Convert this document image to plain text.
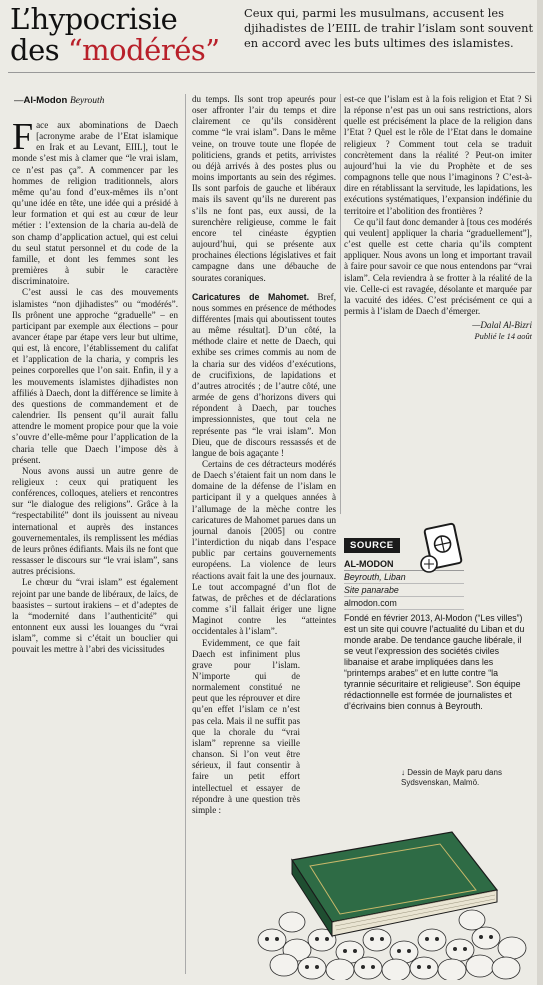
L’hypocrisie
des “modérés”
Ceux qui, parmi les musulmans, accusent les djihadistes de l’EIIL de trahir l’islam sont souvent en accord avec les buts ultimes des islamistes.
—Al-Modon Beyrouth

Face aux abominations de Daech [acronyme arabe de l’Etat islamique en Irak et au Levant, EIIL], tout le monde s’est mis à clamer que “le vrai islam, ce n’est pas ça”. A commencer par les hommes de religion traditionnels, alors même qu’au fond d’eux-mêmes ils n’ont qu’une idée en tête, une idée qui a présidé à leur formation et qui est au cœur de leur métier : l’extension de la charia au-delà de son champ d’application actuel, qui est celui du seul statut personnel et du code de la famille, et dont les femmes sont les premières à subir le caractère discriminatoire.

C’est aussi le cas des mouvements islamistes “non djihadistes” ou “modérés”. Ils prônent une approche “graduelle” – en participant par exemple aux élections – pour avancer étape par étape vers leur but ultime, qui est, là encore, l’établissement du califat et l’application de la charia, y compris les peines corporelles que l’on sait. Enfin, il y a les mouvements islamistes djihadistes non affiliés à Daech, dont la différence se limite à des questions de commandement et de calendrier. Ils pensent qu’il aurait fallu attendre le moment propice pour que la voie s’ouvre d’elle-même pour l’application de la charia telle que Daech l’impose dès à présent.

Nous avons aussi un autre genre de religieux : ceux qui pratiquent les conférences, colloques, ateliers et rencontres sur “le dialogue des religions”. Grâce à la “respectabilité” dont ils jouissent au niveau international et auprès des instances gouvernementales, ils remplissent les médias de leurs prônes édifiants. Mais ils ne font que ressasser le discours sur “le vrai islam”, sans autres précisions.

Le chœur du “vrai islam” est également rejoint par une bande de libéraux, de laïcs, de baasistes – surtout irakiens – et d’adeptes de la “modernité dans l’authenticité” qui entonnent eux aussi les louanges du “vrai islam”, comme si c’était un bouclier qui pouvait les mettre à l’abri des vicissitudes

du temps. Ils sont trop apeurés pour oser affronter l’air du temps et dire clairement ce qu’ils considèrent comme “le vrai islam”. Dans le même veine, on trouve toute une flopée de politiciens, grands et petits, arrivistes ou déjà arrivés à des postes plus ou moins importants au sein des régimes. Ils sont parfois de gauche et libéraux mais ils savent qu’ils ne durerent pas s’ils ne font pas, eux aussi, de la surenchère religieuse, comme le fait encore tel cinéaste égyptien aujourd’hui, qui se présente aux prochaines élections législatives et fait campagne dans une débauche de sourates coraniques.

Caricatures de Mahomet. Bref, nous sommes en présence de méthodes différentes [mais qui aboutissent toutes au même résultat]. D’un côté, la méthode claire et nette de Daech, qui exhibe ses crimes commis au nom de la charia sur des vidéos d’exécutions, de crucifixions, de lapidations et d’autres atrocités ; de l’autre côté, une armée de gens d’horizons divers qui répondent à Daech, par touches impressionnistes, que tout cela ne représente pas “le vrai islam”. Mon Dieu, que de discours ressassés et de langue de bois agaçante !

Certains de ces détracteurs modérés de Daech s’étaient fait un nom dans le domaine de la défense de l’islam en participant il y a quelques années à l’allumage de la mèche contre les caricatures de Mahomet parues dans un journal danois [2005] ou contre l’interdiction du niqab dans l’espace public par certains gouvernements européens. La violence de leurs réactions avait fait la une des journaux. Le tout accompagné d’un flot de fatwas, de prêches et de déclarations comme s’il fallait ériger une ligne Maginot contre les “atteintes occidentales à l’islam”.

Evidemment, ce que fait Daech est infiniment plus grave pour l’islam. N’importe qui de normalement constitué ne peut que les réprouver et dire qu’en effet l’islam ce n’est pas cela. Mais il ne suffit pas que la chorale du “vrai islam” reprenne sa vieille chanson. Si l’on veut être sérieux, il faut consentir à faire un petit effort intellectuel et essayer de répondre à une question très simple :

est-ce que l’islam est à la fois religion et Etat ? Si la réponse n’est pas un oui sans restrictions, alors quelle est précisément la place de la religion dans l’Etat ? Quel est le rôle de l’Etat dans le domaine religieux ? Comment tout cela se traduit concrètement dans la réalité ? Peut-on imiter aujourd’hui la vie du Prophète et de ses compagnons telle que nous l’imaginons ? C’est-à-dire en rétablissant la servitude, les lapidations, les exécutions systématiques, l’expansion indéfinie du territoire et l’abolition des frontières ?

Ce qu’il faut donc demander à [tous ces modérés qui veulent] appliquer la charia “graduellement”], c’est quelle est cette charia qu’ils comptent appliquer. Nous avons un long et important travail à faire pour savoir ce que nous entendons par “vrai islam”. Cela reviendra à se frotter à la réalité de la vie. Celle-ci est ravagée, désolante et marquée par la vacuité des idées. C’est précisément ce qui a permis à l’islam de Daech d’émerger.

—Dalal Al-Bizri
Publié le 14 août
SOURCE
AL-MODON
Beyrouth, Liban
Site panarabe
almodon.com
Fondé en février 2013, Al-Modon (“Les villes”) est un site qui couvre l’actualité du Liban et du monde arabe. De tendance gauche libérale, il se veut l’expression des sociétés civiles libanaise et arabe impliquées dans les “printemps arabes” et en lutte contre “la tyrannie sécuritaire et religieuse”. Son équipe rédactionnelle est formée de journalistes et d’écrivains bien connus à Beyrouth.
↓ Dessin de Mayk paru dans Sydsvenskan, Malmö.
